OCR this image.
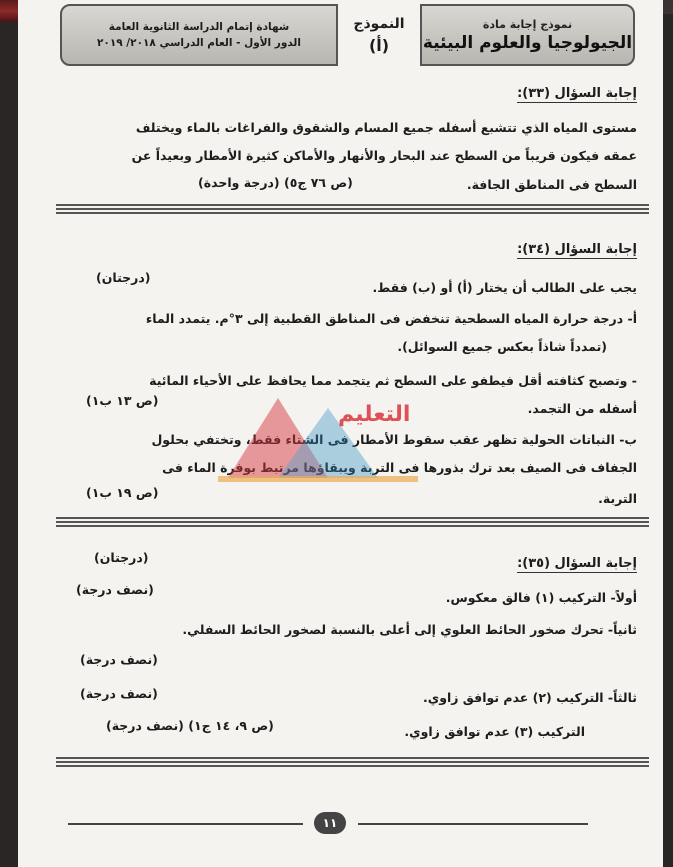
نموذج إجابة مادة
الجيولوجيا والعلوم البيئية
النموذج
(أ)
شهادة إتمام الدراسة الثانوية العامة
الدور الأول - العام الدراسي ٢٠١٨/ ٢٠١٩
إجابة السؤال (٣٣):
مستوى المياه الذي تتشبع أسفله جميع المسام والشقوق والفراغات بالماء ويختلف
عمقه فيكون قريباً من السطح عند البحار والأنهار والأماكن كثيرة الأمطار وبعيداً عن
السطح فى المناطق الجافة.
(ص ٧٦ ج٥) (درجة واحدة)
إجابة السؤال (٣٤):
(درجتان)
يجب على الطالب أن يختار (أ) أو (ب) فقط.
أ- درجة حرارة المياه السطحية تنخفض فى المناطق القطبية إلى ٣°م. يتمدد الماء
(تمدداً شاذاً بعكس جميع السوائل).
- وتصبح كثافته أقل فيطفو على السطح ثم يتجمد مما يحافظ على الأحياء المائية
أسفله من التجمد.
(ص ١٣ ب١)
ب- النباتات الحولية تظهر عقب سقوط الأمطار فى الشتاء فقط، وتختفي بحلول
الجفاف فى الصيف بعد ترك بذورها فى التربة ويبقاؤها مرتبط بوفرة الماء فى
(ص ١٩ ب١)	التربة.
(درجتان)	إجابة السؤال (٣٥):
(نصف درجة)
أولاً- التركيب (١) فالق معكوس.
ثانياً- تحرك صخور الحائط العلوي إلى أعلى بالنسبة لصخور الحائط السفلي.
(نصف درجة)
(نصف درجة)	ثالثاً- التركيب (٢) عدم توافق زاوي.
(ص ٩، ١٤ ج١) (نصف درجة)	التركيب (٣) عدم توافق زاوي.
التعليم
١١
